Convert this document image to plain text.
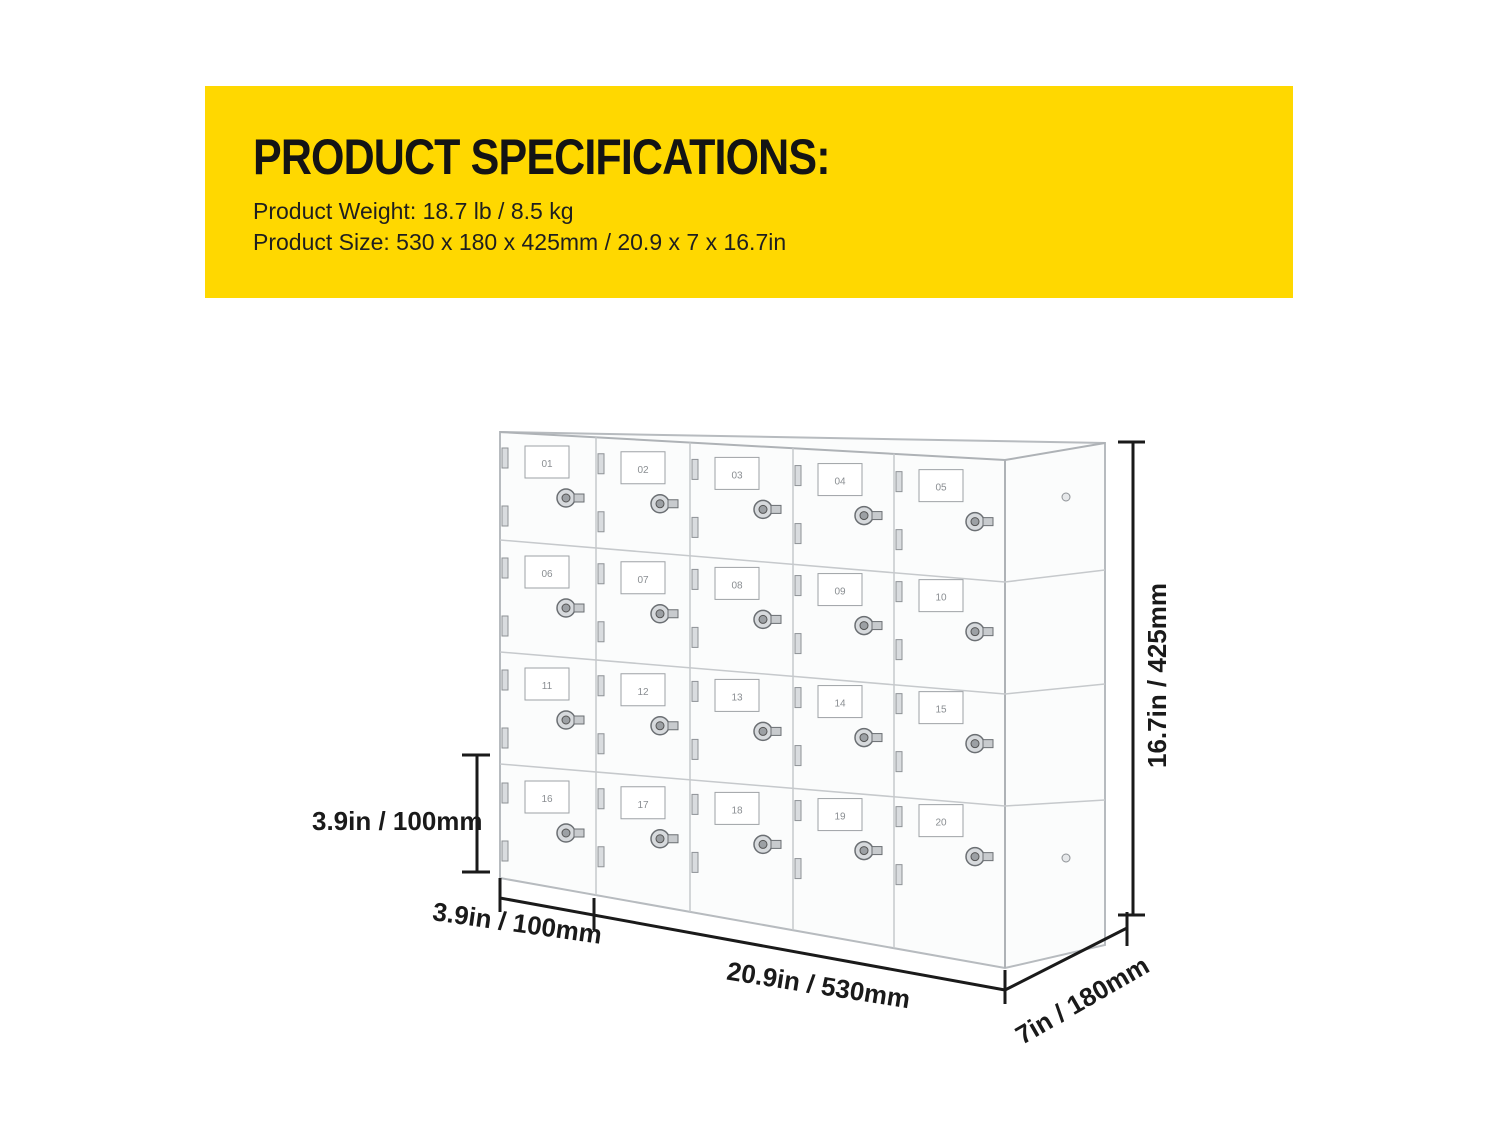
PRODUCT SPECIFICATIONS:
Product Weight: 18.7 lb / 8.5 kg
Product Size: 530 x 180 x 425mm / 20.9 x 7 x 16.7in
01
02
03
04
05
06
07
08
09
10
11
12
13
14
15
16
17
18
19
20
16.7in / 425mm
3.9in / 100mm
3.9in / 100mm
20.9in / 530mm	7in / 180mm
